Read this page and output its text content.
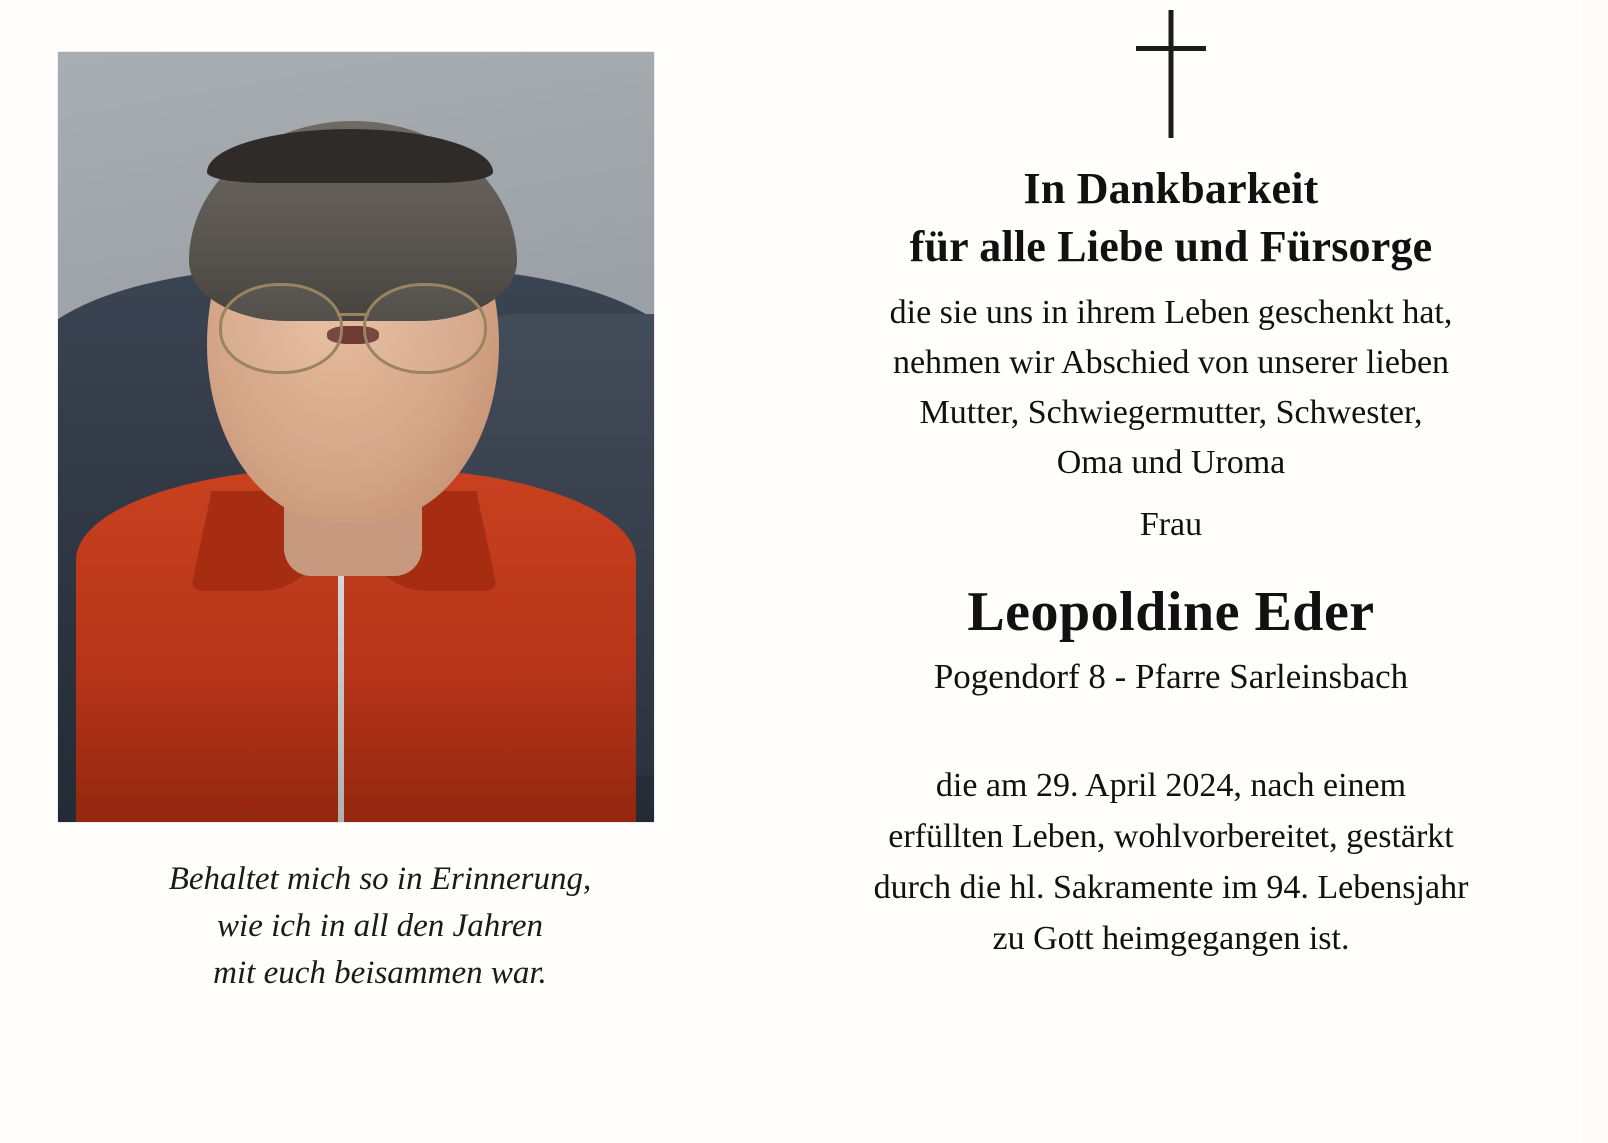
Behaltet mich so in Erinnerung,
wie ich in all den Jahren
mit euch beisammen war.
In Dankbarkeit
für alle Liebe und Fürsorge
die sie uns in ihrem Leben geschenkt hat,
nehmen wir Abschied von unserer lieben
Mutter, Schwiegermutter, Schwester,
Oma und Uroma
Frau
Leopoldine Eder
Pogendorf 8 - Pfarre Sarleinsbach
die am 29. April 2024, nach einem
erfüllten Leben, wohlvorbereitet, gestärkt
durch die hl. Sakramente im 94. Lebensjahr
zu Gott heimgegangen ist.
